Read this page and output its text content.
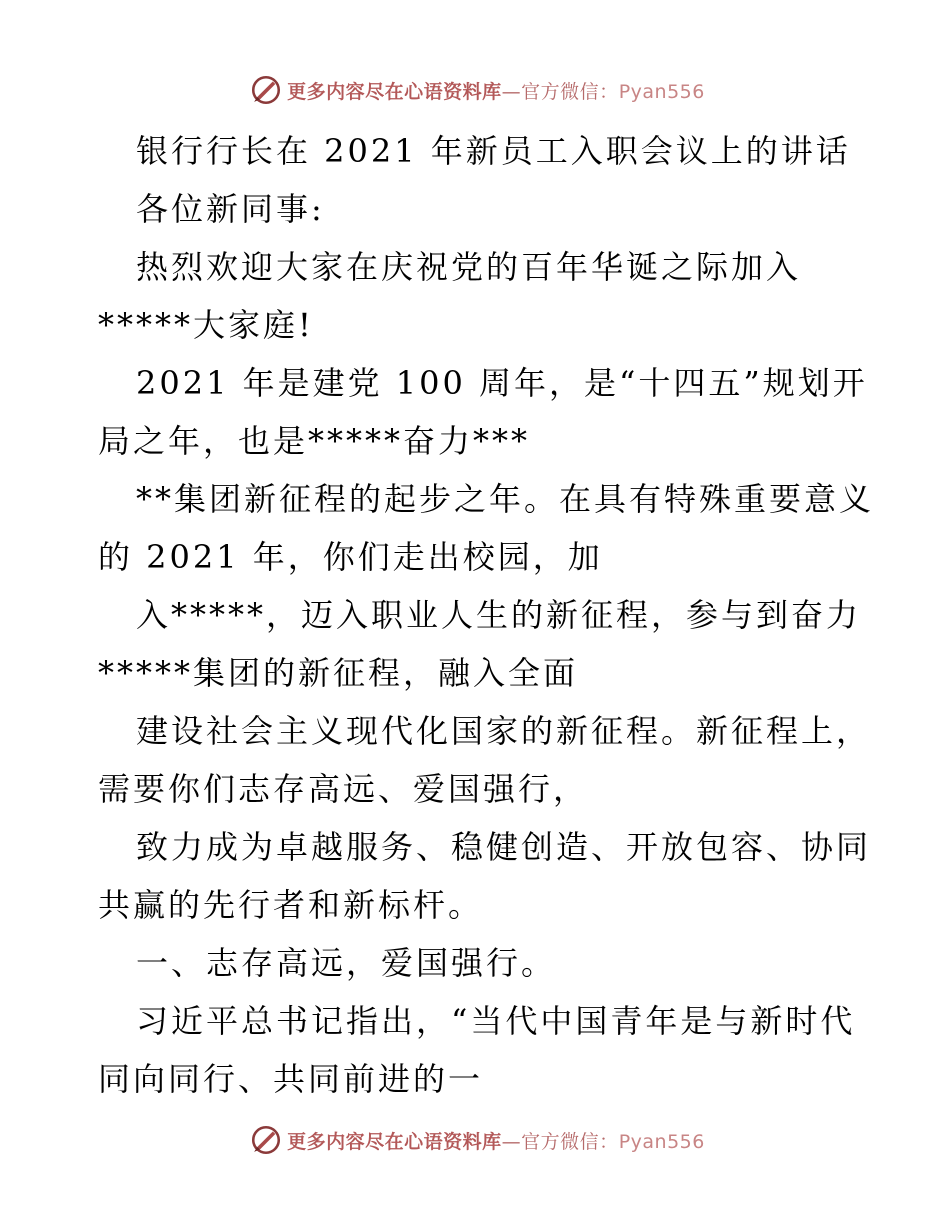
更多内容尽在心语资料库—官方微信：Pyan556
银行行长在 2021 年新员工入职会议上的讲话
各位新同事:
热烈欢迎大家在庆祝党的百年华诞之际加入
*****大家庭!
2021 年是建党 100 周年，是“十四五”规划开
局之年，也是*****奋力***
**集团新征程的起步之年。在具有特殊重要意义
的 2021 年，你们走出校园，加
入*****，迈入职业人生的新征程，参与到奋力
*****集团的新征程，融入全面
建设社会主义现代化国家的新征程。新征程上，
需要你们志存高远、爱国强行，
致力成为卓越服务、稳健创造、开放包容、协同
共赢的先行者和新标杆。
一、志存高远，爱国强行。
习近平总书记指出，“当代中国青年是与新时代
同向同行、共同前进的一
更多内容尽在心语资料库—官方微信：Pyan556
